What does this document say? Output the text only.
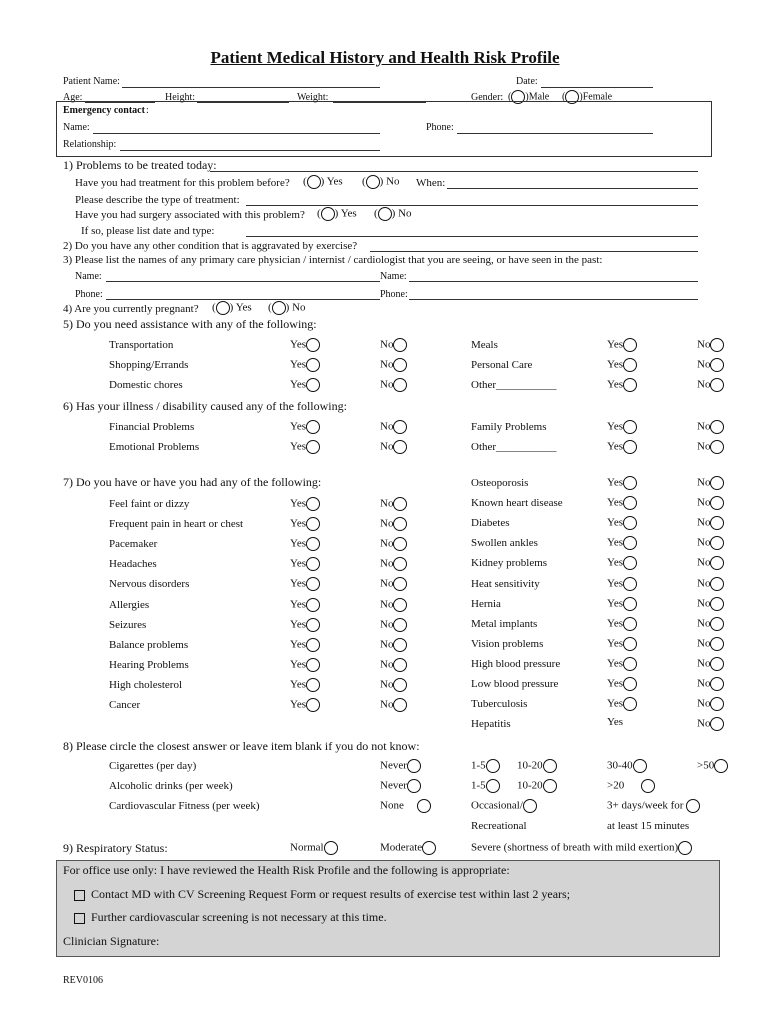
Patient Medical History and Health Risk Profile
Patient Name:	Date:
Age:	Height:	Weight:	Gender: ( )Male ( )Female
Emergency contact :
Name:	Phone:
Relationship:
1) Problems to be treated today:
Have you had treatment for this problem before? ( ) Yes ( ) No When:
Please describe the type of treatment:
Have you had surgery associated with this problem? ( ) Yes ( ) No
If so, please list date and type:
2) Do you have any other condition that is aggravated by exercise?
3) Please list the names of any primary care physician / internist / cardiologist that you are seeing, or have seen in the past:
Name:	Name:
Phone:	Phone:
4) Are you currently pregnant? ( ) Yes ( ) No
5) Do you need assistance with any of the following:
6) Has your illness / disability caused any of the following:
7) Do you have or have you had any of the following:
Transportation	Yes	No	Meals	Yes	No
Shopping/Errands	Yes	No	Personal Care	Yes	No
Domestic chores	Yes	No	Other___________	Yes	No
Financial Problems	Yes	No	Family Problems	Yes	No
Emotional Problems	Yes	No	Other___________	Yes	No
Feel faint or dizzy	Yes	No
Frequent pain in heart or chest	Yes	No
Pacemaker	Yes	No
Headaches	Yes	No
Nervous disorders	Yes	No
Allergies	Yes	No
Seizures	Yes	No
Balance problems	Yes	No
Hearing Problems	Yes	No
High cholesterol	Yes	No
Cancer	Yes	No
Osteoporosis	Yes	No
Known heart disease	Yes	No
Diabetes	Yes	No
Swollen ankles	Yes	No
Kidney problems	Yes	No
Heat sensitivity	Yes	No
Hernia	Yes	No
Metal implants	Yes	No
Vision problems	Yes	No
High blood pressure	Yes	No
Low blood pressure	Yes	No
Tuberculosis	Yes	No
Hepatitis	Yes	No
8) Please circle the closest answer or leave item blank if you do not know:
Cigarettes (per day)	Never	1-5	10-20	30-40	>50
Alcoholic drinks (per week)	Never	1-5	10-20	>20
Cardiovascular Fitness (per week)	None	Occasional/	3+ days/week for
Recreational	at least 15 minutes
9) Respiratory Status:	Normal	Moderate	Severe (shortness of breath with mild exertion)
For office use only: I have reviewed the Health Risk Profile and the following is appropriate:
Contact MD with CV Screening Request Form or request results of exercise test within last 2 years;
Further cardiovascular screening is not necessary at this time.
Clinician Signature:
REV0106
